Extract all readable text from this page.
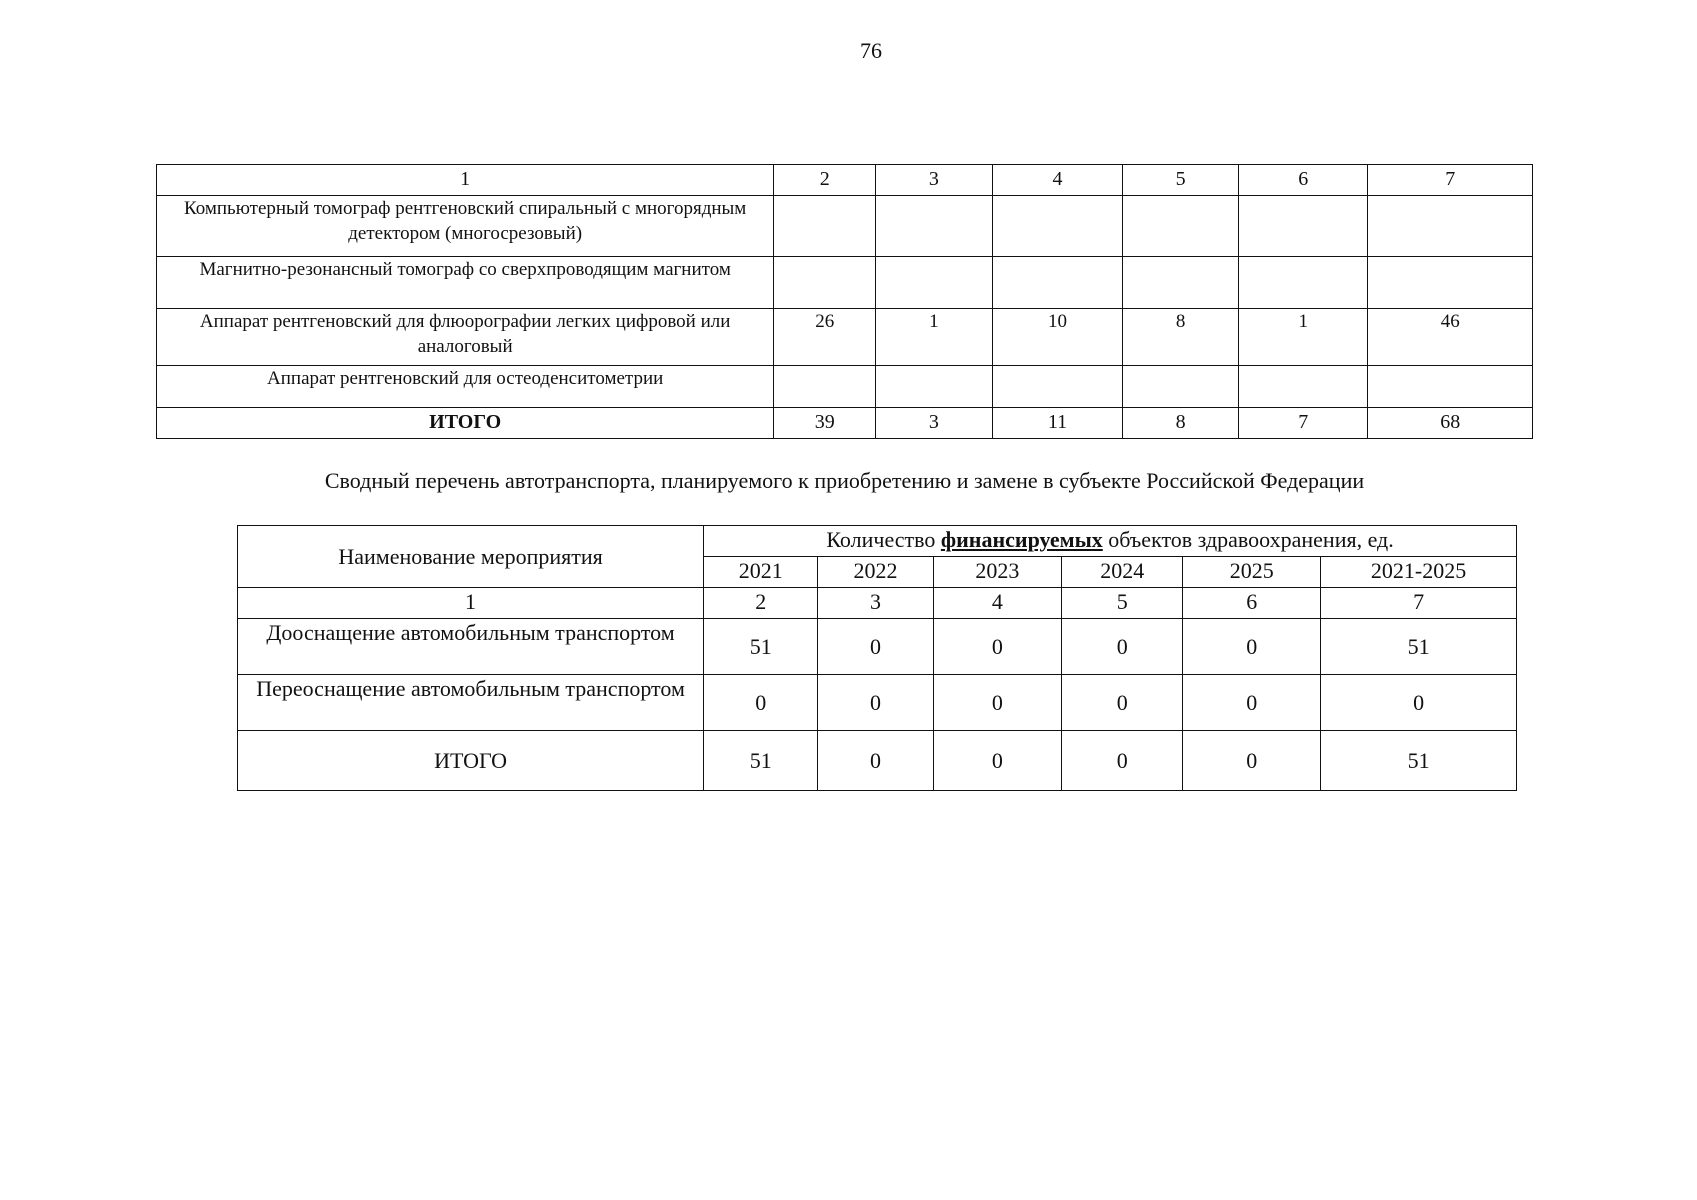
76
1	2	3	4	5	6	7
Компьютерный томограф рентгеновский спиральный с многорядным детектором (многосрезовый)						
Магнитно-резонансный томограф со сверхпроводящим магнитом						
Аппарат рентгеновский для флюорографии легких цифровой или аналоговый	26	1	10	8	1	46
Аппарат рентгеновский для остеоденситометрии						
ИТОГО	39	3	11	8	7	68
Сводный перечень автотранспорта, планируемого к приобретению и замене в субъекте Российской Федерации
Наименование мероприятия	Количество финансируемых объектов здравоохранения, ед.					
	2021	2022	2023	2024	2025	2021-2025
1	2	3	4	5	6	7
Дооснащение автомобильным транспортом	51	0	0	0	0	51
Переоснащение автомобильным транспортом	0	0	0	0	0	0
ИТОГО	51	0	0	0	0	51
